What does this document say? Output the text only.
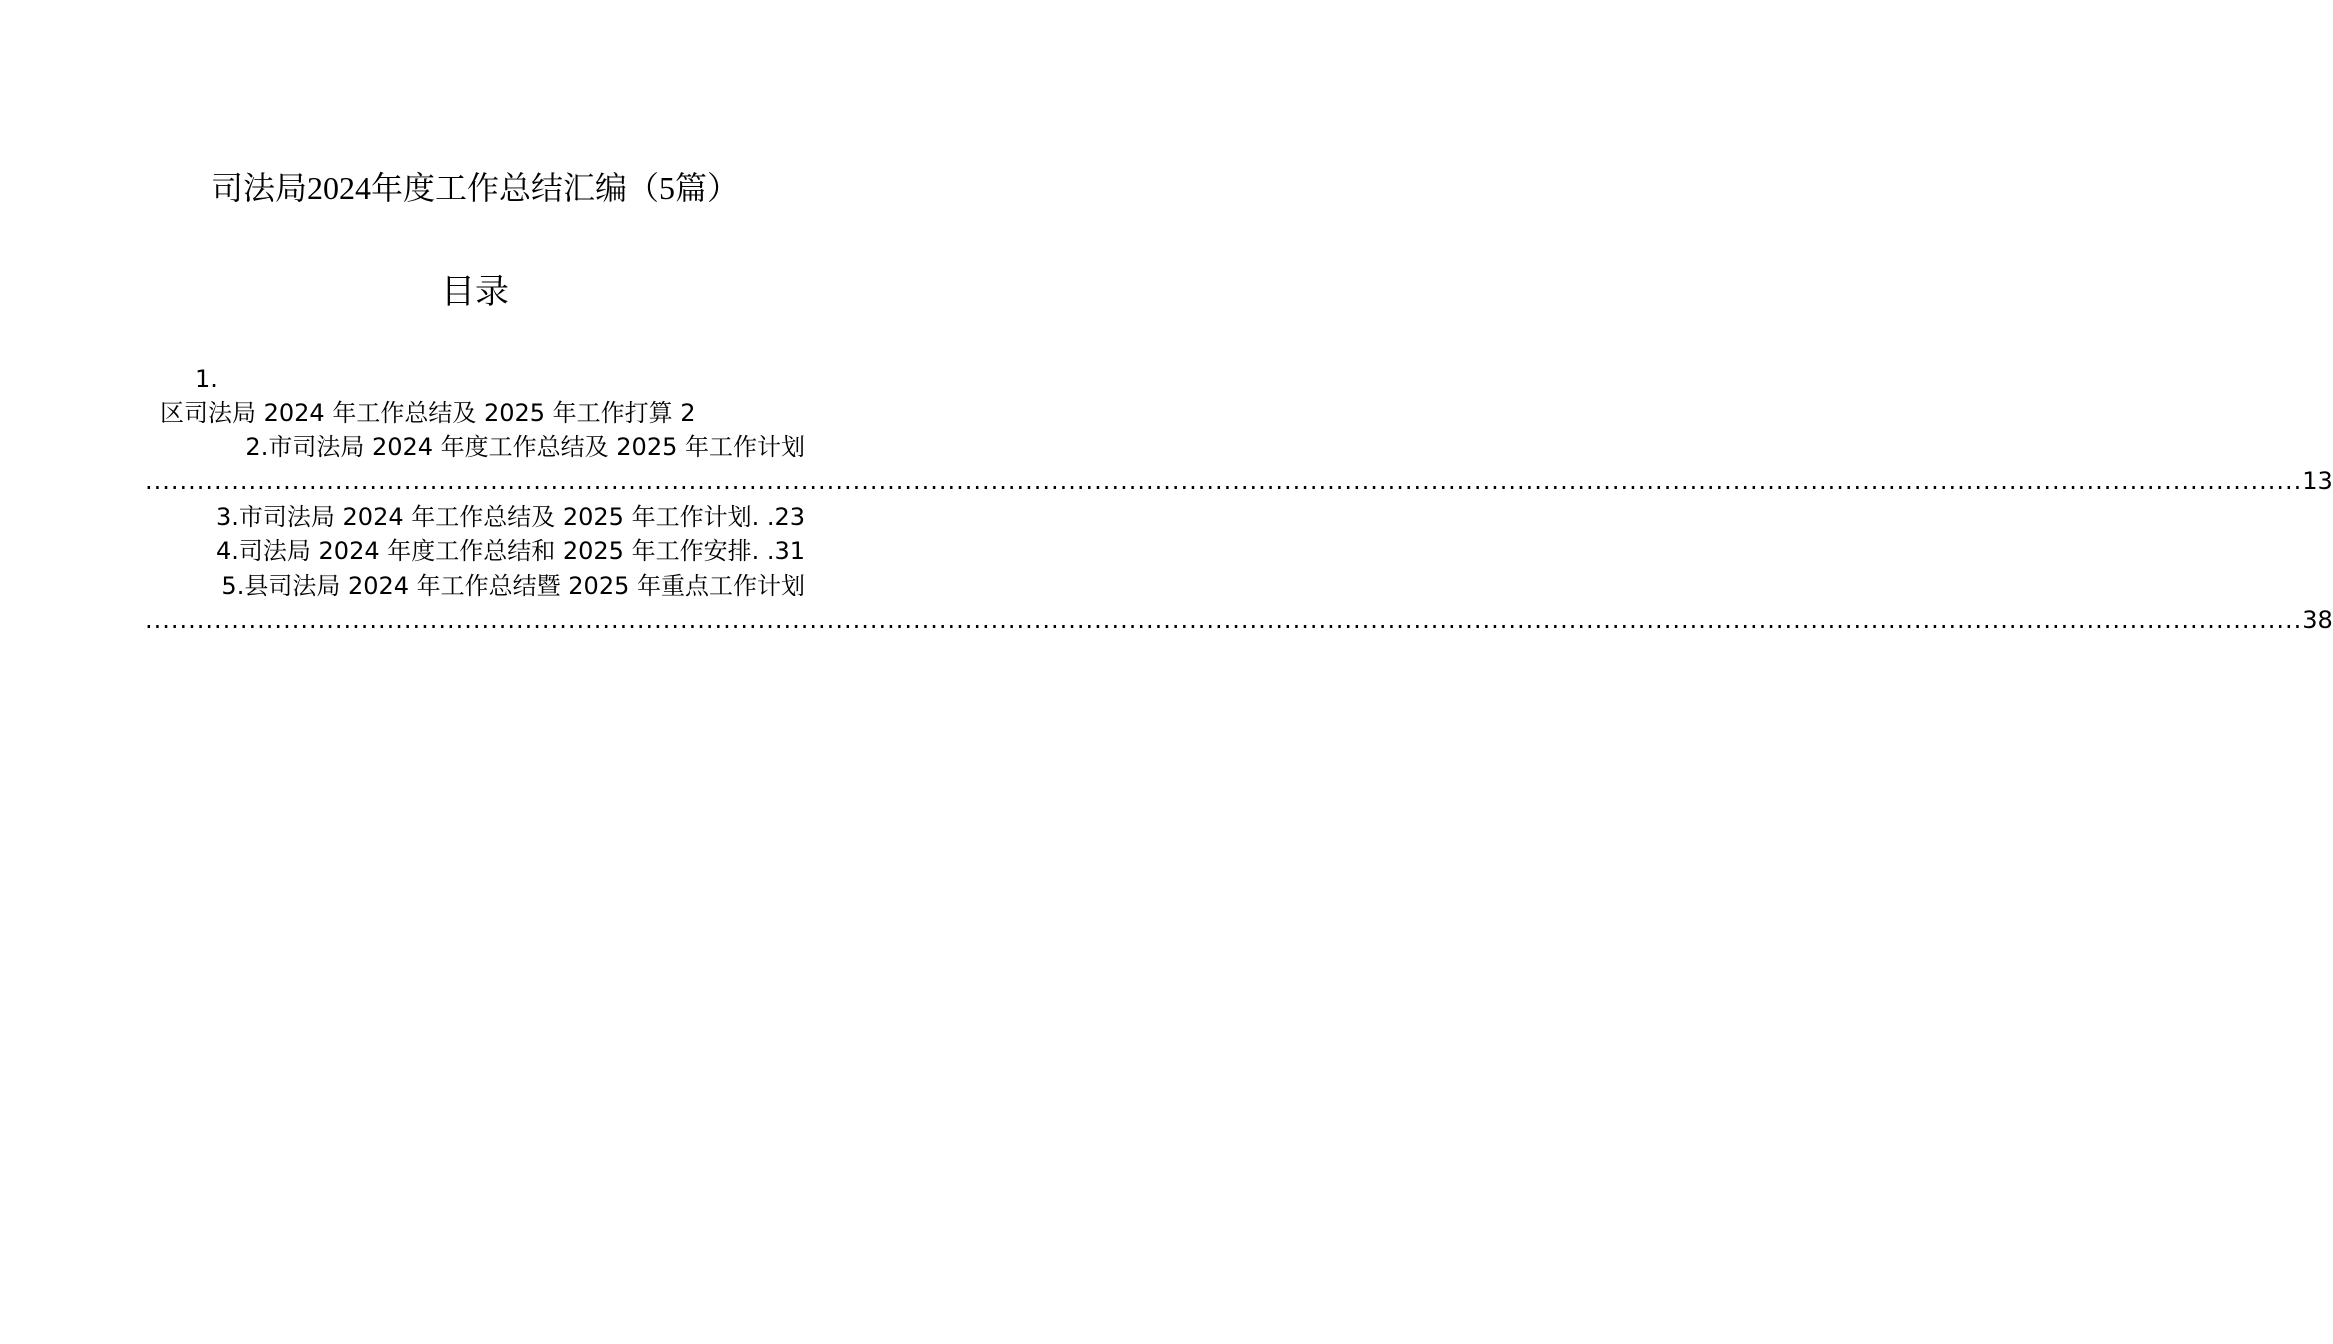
司法局2024年度工作总结汇编（5篇）
目录
1.
区司法局 2024 年工作总结及 2025 年工作打算 2
2.市司法局 2024 年度工作总结及 2025 年工作计划
.......................................................................................................................................................................................................................................................... 13
3.市司法局 2024 年工作总结及 2025 年工作计划. .23
4.司法局 2024 年度工作总结和 2025 年工作安排. .31
5.县司法局 2024 年工作总结暨 2025 年重点工作计划
.......................................................................................................................................................................................................................................................... 38
